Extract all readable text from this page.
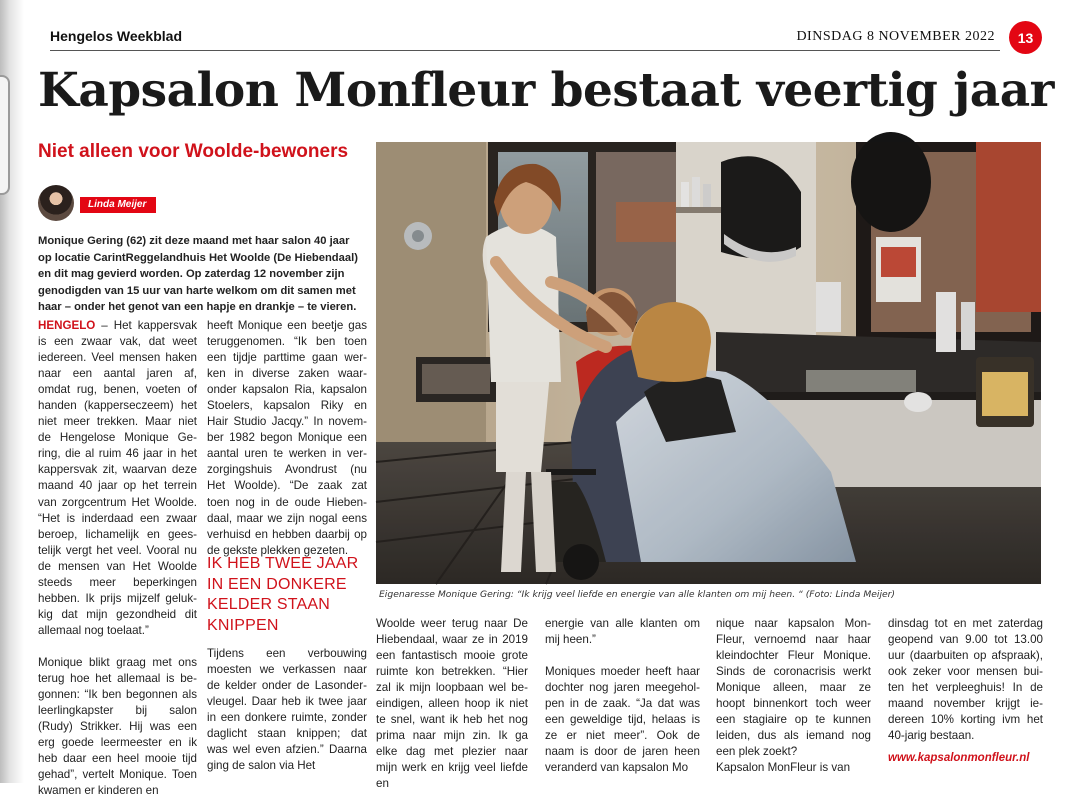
Hengelos Weekblad	DINSDAG 8 NOVEMBER 2022	13
Kapsalon Monfleur bestaat veertig jaar
Niet alleen voor Woolde-bewoners
Linda Meijer

Monique Gering (62) zit deze maand met haar salon 40 jaar op locatie CarintReggelandhuis Het Woolde (De Hiebendaal) en dit mag gevierd worden. Op zaterdag 12 november zijn genodigden van 15 uur van harte welkom om dit samen met haar – onder het genot van een hapje en drankje – te vieren.

HENGELO – Het kappersvak is een zwaar vak, dat weet iedereen. Veel mensen haken naar een aantal jaren af, omdat rug, benen, voeten of handen (kapperseczeem) het niet meer trekken. Maar niet de Hengelose Monique Gering, die al ruim 46 jaar in het kappersvak zit, waarvan deze maand 40 jaar op het terrein van zorgcentrum Het Woolde. “Het is inderdaad een zwaar beroep, lichamelijk en geestelijk vergt het veel. Vooral nu de mensen van Het Woolde steeds meer beperkingen hebben. Ik prijs mijzelf gelukkig dat mijn gezondheid dit allemaal nog toelaat.”

Monique blikt graag met ons terug hoe het allemaal is begonnen: “Ik ben begonnen als leerlingkapster bij salon (Rudy) Strikker. Hij was een erg goede leermeester en ik heb daar een heel mooie tijd gehad”, vertelt Monique. Toen kwamen er kinderen en

heeft Monique een beetje gas teruggenomen. “Ik ben toen een tijdje parttime gaan werken in diverse zaken waaronder kapsalon Ria, kapsalon Stoelers, kapsalon Riky en Hair Studio Jacqy.” In november 1982 begon Monique een aantal uren te werken in verzorgingshuis Avondrust (nu Het Woolde). “De zaak zat toen nog in de oude Hiebendaal, maar we zijn nogal eens verhuisd en hebben daarbij op de gekste plekken gezeten.

IK HEB TWEE JAAR IN EEN DONKERE KELDER STAAN KNIPPEN

Tijdens een verbouwing moesten we verkassen naar de kelder onder de Lasondervleugel. Daar heb ik twee jaar in een donkere ruimte, zonder daglicht staan knippen; dat was wel even afzien.” Daarna ging de salon via Het

Eigenaresse Monique Gering: “Ik krijg veel liefde en energie van alle klanten om mij heen. “ (Foto: Linda Meijer)

Woolde weer terug naar De Hiebendaal, waar ze in 2019 een fantastisch mooie grote ruimte kon betrekken. “Hier zal ik mijn loopbaan wel beeindigen, alleen hoop ik niet te snel, want ik heb het nog prima naar mijn zin. Ik ga elke dag met plezier naar mijn werk en krijg veel liefde en

energie van alle klanten om mij heen.”

Moniques moeder heeft haar dochter nog jaren meegeholpen in de zaak. “Ja dat was een geweldige tijd, helaas is ze er niet meer”. Ook de naam is door de jaren heen veranderd van kapsalon Mo

nique naar kapsalon MonFleur, vernoemd naar haar kleindochter Fleur Monique. Sinds de coronacrisis werkt Monique alleen, maar ze hoopt binnenkort toch weer een stagiaire op te kunnen leiden, dus als iemand nog een plek zoekt?

Kapsalon MonFleur is van

dinsdag tot en met zaterdag geopend van 9.00 tot 13.00 uur (daarbuiten op afspraak), ook zeker voor mensen buiten het verpleeghuis! In de maand november krijgt iedereen 10% korting ivm het 40-jarig bestaan.

www.kapsalonmonfleur.nl
